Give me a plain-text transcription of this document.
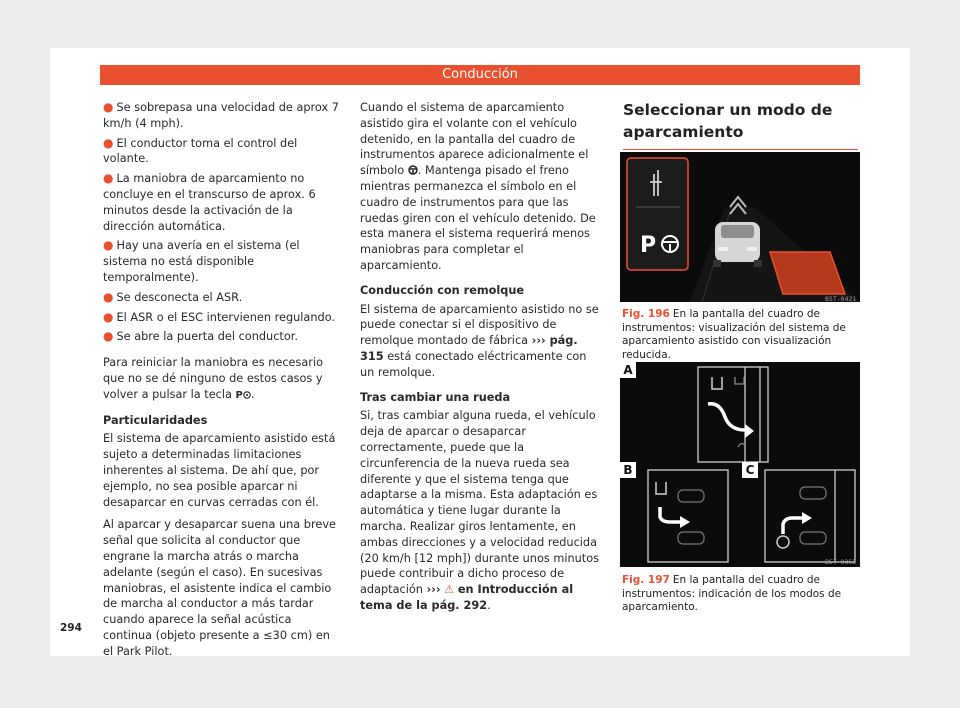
Conducción
● Se sobrepasa una velocidad de aprox 7 km/h (4 mph).
● El conductor toma el control del volante.
● La maniobra de aparcamiento no concluye en el transcurso de aprox. 6 minutos desde la activación de la dirección automática.
● Hay una avería en el sistema (el sistema no está disponible temporalmente).
● Se desconecta el ASR.
● El ASR o el ESC intervienen regulando.
● Se abre la puerta del conductor.

Para reiniciar la maniobra es necesario que no se dé ninguno de estos casos y volver a pulsar la tecla P .

Particularidades

El sistema de aparcamiento asistido está sujeto a determinadas limitaciones inherentes al sistema. De ahí que, por ejemplo, no sea posible aparcar ni desaparcar en curvas cerradas con él.

Al aparcar y desaparcar suena una breve señal que solicita al conductor que engrane la marcha atrás o marcha adelante (según el caso). En sucesivas maniobras, el asistente indica el cambio de marcha al conductor a más tardar cuando aparece la señal acústica continua (objeto presente a ≤30 cm) en el Park Pilot.

Cuando el sistema de aparcamiento asistido gira el volante con el vehículo detenido, en la pantalla del cuadro de instrumentos aparece adicionalmente el símbolo . Mantenga pisado el freno mientras permanezca el símbolo en el cuadro de instrumentos para que las ruedas giren con el vehículo detenido. De esta manera el sistema requerirá menos maniobras para completar el aparcamiento.

Conducción con remolque

El sistema de aparcamiento asistido no se puede conectar si el dispositivo de remolque montado de fábrica ››› pág. 315 está conectado eléctricamente con un remolque.

Tras cambiar una rueda

Si, tras cambiar alguna rueda, el vehículo deja de aparcar o desaparcar correctamente, puede que la circunferencia de la nueva rueda sea diferente y que el sistema tenga que adaptarse a la misma. Esta adaptación es automática y tiene lugar durante la marcha. Realizar giros lentamente, en ambas direcciones y a velocidad reducida (20 km/h [12 mph]) durante unos minutos puede contribuir a dicho proceso de adaptación ››› ⚠ en Introducción al tema de la pág. 292.

Seleccionar un modo de aparcamiento
P
B5T-0421
Fig. 196 En la pantalla del cuadro de instrumentos: visualización del sistema de aparcamiento asistido con visualización reducida.
A
B	C
B5T-0352
Fig. 197 En la pantalla del cuadro de instrumentos: indicación de los modos de aparcamiento.
294
